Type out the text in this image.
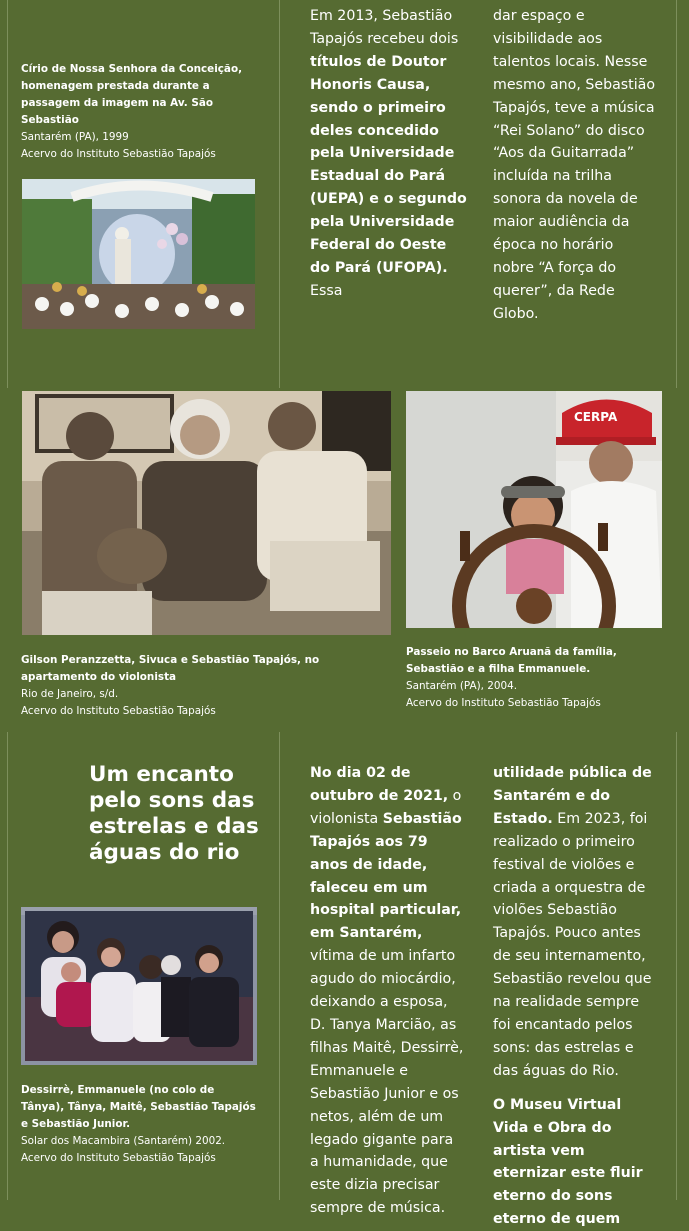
Círio de Nossa Senhora da Conceição, homenagem prestada durante a passagem da imagem na Av. São Sebastião
Santarém (PA), 1999
Acervo do Instituto Sebastião Tapajós
Em 2013, Sebastião Tapajós recebeu dois títulos de Doutor Honoris Causa, sendo o primeiro deles concedido pela Universidade Estadual do Pará (UEPA) e o segundo pela Universidade Federal do Oeste do Pará (UFOPA). Essa
dar espaço e visibilidade aos talentos locais. Nesse mesmo ano, Sebastião Tapajós, teve a música “Rei Solano” do disco “Aos da Guitarrada” incluída na trilha sonora da novela de maior audiência da época no horário nobre “A força do querer”, da Rede Globo.
CERPA
Gilson Peranzzetta, Sivuca e Sebastião Tapajós, no apartamento do violonista
Rio de Janeiro, s/d.
Acervo do Instituto Sebastião Tapajós
Passeio no Barco Aruanã da família, Sebastião e a filha Emmanuele.
Santarém (PA), 2004.
Acervo do Instituto Sebastião Tapajós
Um encanto pelo sons das estrelas e das águas do rio
Dessirrè, Emmanuele (no colo de Tânya), Tânya, Maitê, Sebastião Tapajós e Sebastião Junior.
Solar dos Macambira (Santarém) 2002.
Acervo do Instituto Sebastião Tapajós
No dia 02 de outubro de 2021, o violonista Sebastião Tapajós aos 79 anos de idade, faleceu em um hospital particular, em Santarém, vítima de um infarto agudo do miocárdio, deixando a esposa, D. Tanya Marcião, as filhas Maitê, Dessirrè, Emmanuele e Sebastião Junior e os netos, além de um legado gigante para a humanidade, que este dizia precisar sempre de música.
utilidade pública de Santarém e do Estado. Em 2023, foi realizado o primeiro festival de violões e criada a orquestra de violões Sebastião Tapajós. Pouco antes de seu internamento, Sebastião revelou que na realidade sempre foi encantado pelos sons: das estrelas e das águas do Rio.
O Museu Virtual Vida e Obra do artista vem eternizar este fluir eterno do sons eterno de quem
